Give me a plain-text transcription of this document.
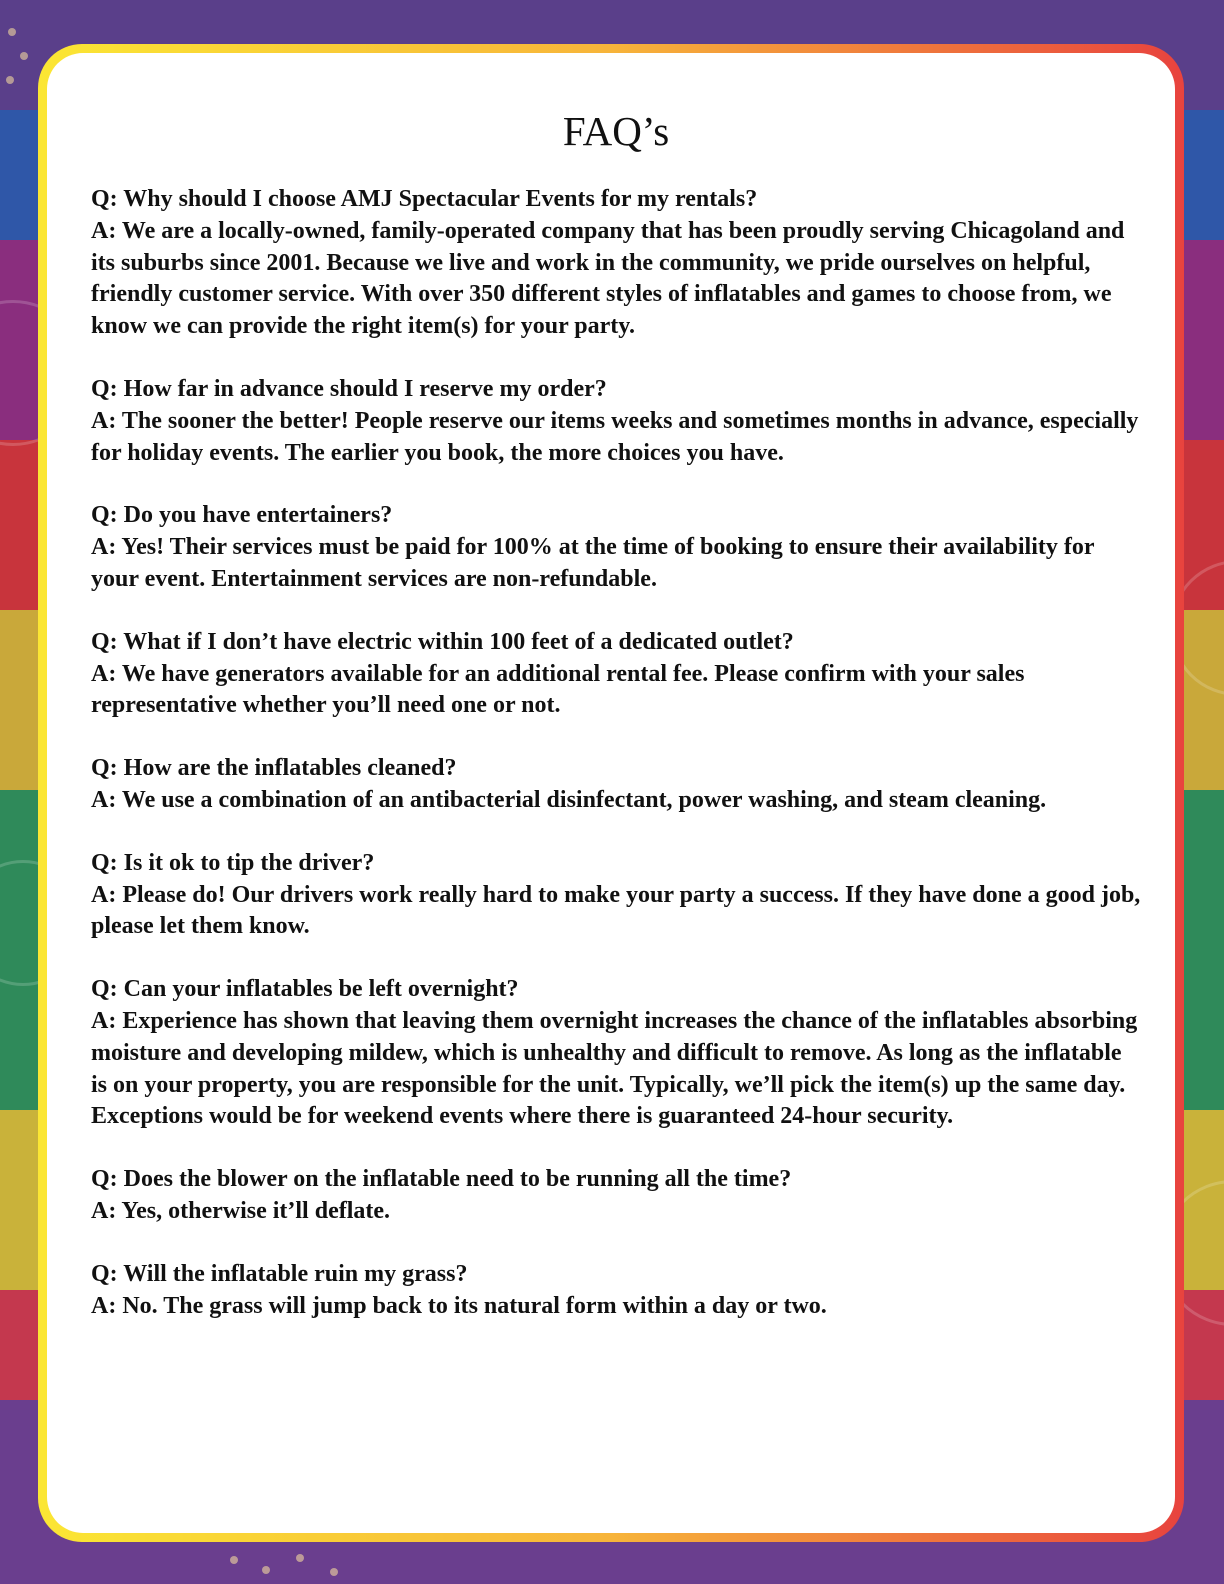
FAQ’s

Q: Why should I choose AMJ Spectacular Events for my rentals?

A: We are a locally-owned, family-operated company that has been proudly serving Chicagoland and its suburbs since 2001. Because we live and work in the community, we pride ourselves on helpful, friendly customer service. With over 350 different styles of inflatables and games to choose from, we know we can provide the right item(s) for your party.

Q: How far in advance should I reserve my order?

A: The sooner the better! People reserve our items weeks and sometimes months in advance, especially for holiday events. The earlier you book, the more choices you have.

Q: Do you have entertainers?

A: Yes! Their services must be paid for 100% at the time of booking to ensure their availability for your event. Entertainment services are non-refundable.

Q: What if I don’t have electric within 100 feet of a dedicated outlet?

A: We have generators available for an additional rental fee. Please confirm with your sales representative whether you’ll need one or not.

Q: How are the inflatables cleaned?

A: We use a combination of an antibacterial disinfectant, power washing, and steam cleaning.

Q: Is it ok to tip the driver?

A: Please do! Our drivers work really hard to make your party a success. If they have done a good job, please let them know.

Q: Can your inflatables be left overnight?

A: Experience has shown that leaving them overnight increases the chance of the inflatables absorbing moisture and developing mildew, which is unhealthy and difficult to remove. As long as the inflatable is on your property, you are responsible for the unit. Typically, we’ll pick the item(s) up the same day. Exceptions would be for weekend events where there is guaranteed 24-hour security.

Q: Does the blower on the inflatable need to be running all the time?

A: Yes, otherwise it’ll deflate.

Q: Will the inflatable ruin my grass?

A: No. The grass will jump back to its natural form within a day or two.
